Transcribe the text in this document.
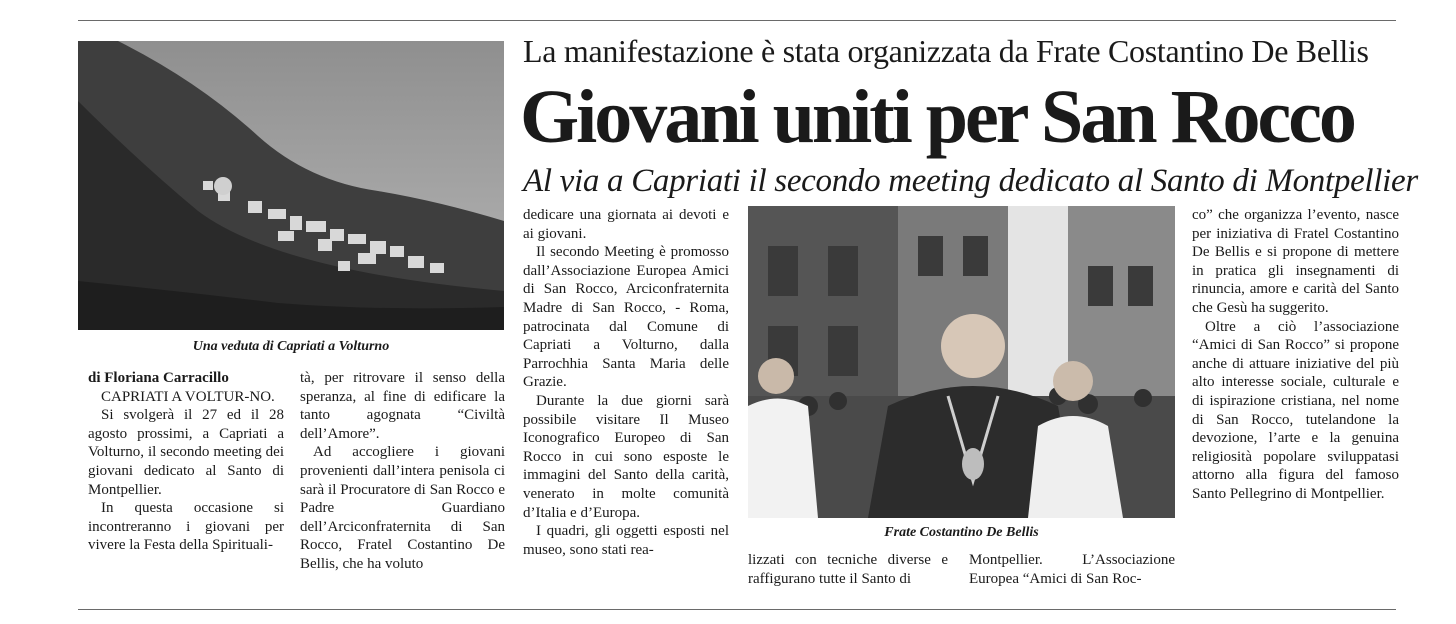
Una veduta di Capriati a Volturno
La manifestazione è stata organizzata da Frate Costantino De Bellis
Giovani uniti per San Rocco
Al via a Capriati il secondo meeting dedicato al Santo di Montpellier

di Floriana Carracillo

CAPRIATI A VOLTUR-NO.

Si svolgerà il 27 ed il 28 agosto prossimi, a Capriati a Volturno, il secondo meeting dei giovani dedicato al Santo di Montpellier.

In questa occasione si incontreranno i giovani per vivere la Festa della Spirituali-

tà, per ritrovare il senso della speranza, al fine di edificare la tanto agognata “Civiltà dell’Amore”.

Ad accogliere i giovani provenienti dall’intera penisola ci sarà il Procuratore di San Rocco e Padre Guardiano dell’Arciconfraternita di San Rocco, Fratel Costantino De Bellis, che ha voluto

dedicare una giornata ai devoti e ai giovani.

Il secondo Meeting è promosso dall’Associazione Europea Amici di San Rocco, Arciconfraternita Madre di San Rocco, - Roma, patrocinata dal Comune di Capriati a Volturno, dalla Parrochhia Santa Maria delle Grazie.

Durante la due giorni sarà possibile visitare Il Museo Iconografico Europeo di San Rocco in cui sono esposte le immagini del Santo della carità, venerato in molte comunità d’Italia e d’Europa.

I quadri, gli oggetti esposti nel museo, sono stati rea-

Frate Costantino De Bellis

lizzati con tecniche diverse e raffigurano tutte il Santo di

Montpellier. L’Associazione Europea “Amici di San Roc-

co” che organizza l’evento, nasce per iniziativa di Fratel Costantino De Bellis e si propone di mettere in pratica gli insegnamenti di rinuncia, amore e carità del Santo che Gesù ha suggerito.

Oltre a ciò l’associazione “Amici di San Rocco” si propone anche di attuare iniziative del più alto interesse sociale, culturale e di ispirazione cristiana, nel nome di San Rocco, tutelandone la devozione, l’arte e la genuina religiosità popolare sviluppatasi attorno alla figura del famoso Santo Pellegrino di Montpellier.
